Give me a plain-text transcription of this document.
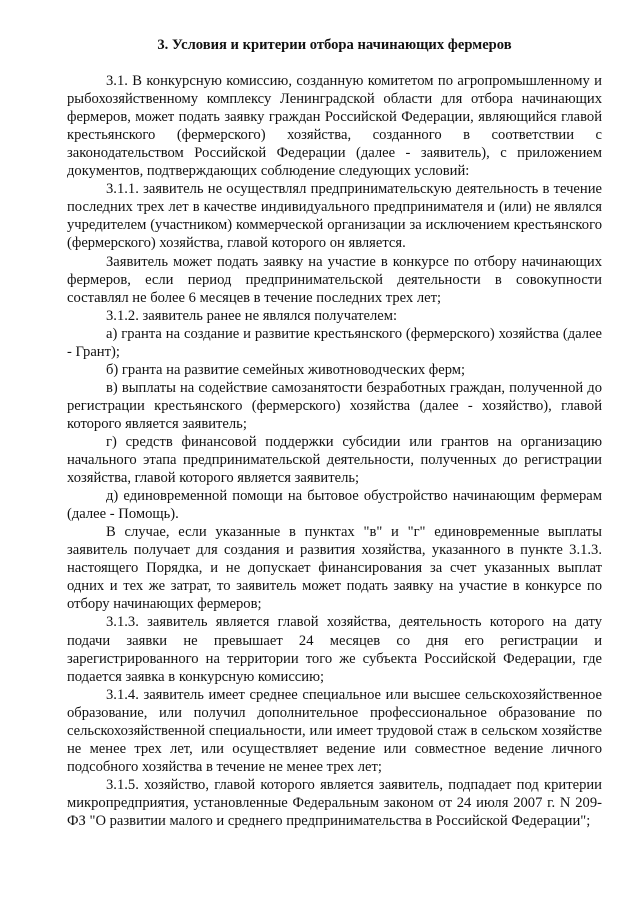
3. Условия и критерии отбора начинающих фермеров

3.1. В конкурсную комиссию, созданную комитетом по агропромышленному и рыбохозяйственному комплексу Ленинградской области для отбора начинающих фермеров, может подать заявку граждан Российской Федерации, являющийся главой крестьянского (фермерского) хозяйства, созданного в соответствии с законодательством Российской Федерации (далее - заявитель), с приложением документов, подтверждающих соблюдение следующих условий:

3.1.1. заявитель не осуществлял предпринимательскую деятельность в течение последних трех лет в качестве индивидуального предпринимателя и (или) не являлся учредителем (участником) коммерческой организации за исключением крестьянского (фермерского) хозяйства, главой которого он является.

Заявитель может подать заявку на участие в конкурсе по отбору начинающих фермеров, если период предпринимательской деятельности в совокупности составлял не более 6 месяцев в течение последних трех лет;

3.1.2. заявитель ранее не являлся получателем:

а) гранта на создание и развитие крестьянского (фермерского) хозяйства (далее - Грант);

б) гранта на развитие семейных животноводческих ферм;

в) выплаты на содействие самозанятости безработных граждан, полученной до регистрации крестьянского (фермерского) хозяйства (далее - хозяйство), главой которого является заявитель;

г) средств финансовой поддержки субсидии или грантов на организацию начального этапа предпринимательской деятельности, полученных до регистрации хозяйства, главой которого является заявитель;

д) единовременной помощи на бытовое обустройство начинающим фермерам (далее - Помощь).

В случае, если указанные в пунктах "в" и "г" единовременные выплаты заявитель получает для создания и развития хозяйства, указанного в пункте 3.1.3. настоящего Порядка, и не допускает финансирования за счет указанных выплат одних и тех же затрат, то заявитель может подать заявку на участие в конкурсе по отбору начинающих фермеров;

3.1.3. заявитель является главой хозяйства, деятельность которого на дату подачи заявки не превышает 24 месяцев со дня его регистрации и зарегистрированного на территории того же субъекта Российской Федерации, где подается заявка в конкурсную комиссию;

3.1.4. заявитель имеет среднее специальное или высшее сельскохозяйственное образование, или получил дополнительное профессиональное образование по сельскохозяйственной специальности, или имеет трудовой стаж в сельском хозяйстве не менее трех лет, или осуществляет ведение или совместное ведение личного подсобного хозяйства в течение не менее трех лет;

3.1.5. хозяйство, главой которого является заявитель, подпадает под критерии микропредприятия, установленные Федеральным законом от 24 июля 2007 г. N 209-ФЗ "О развитии малого и среднего предпринимательства в Российской Федерации";
